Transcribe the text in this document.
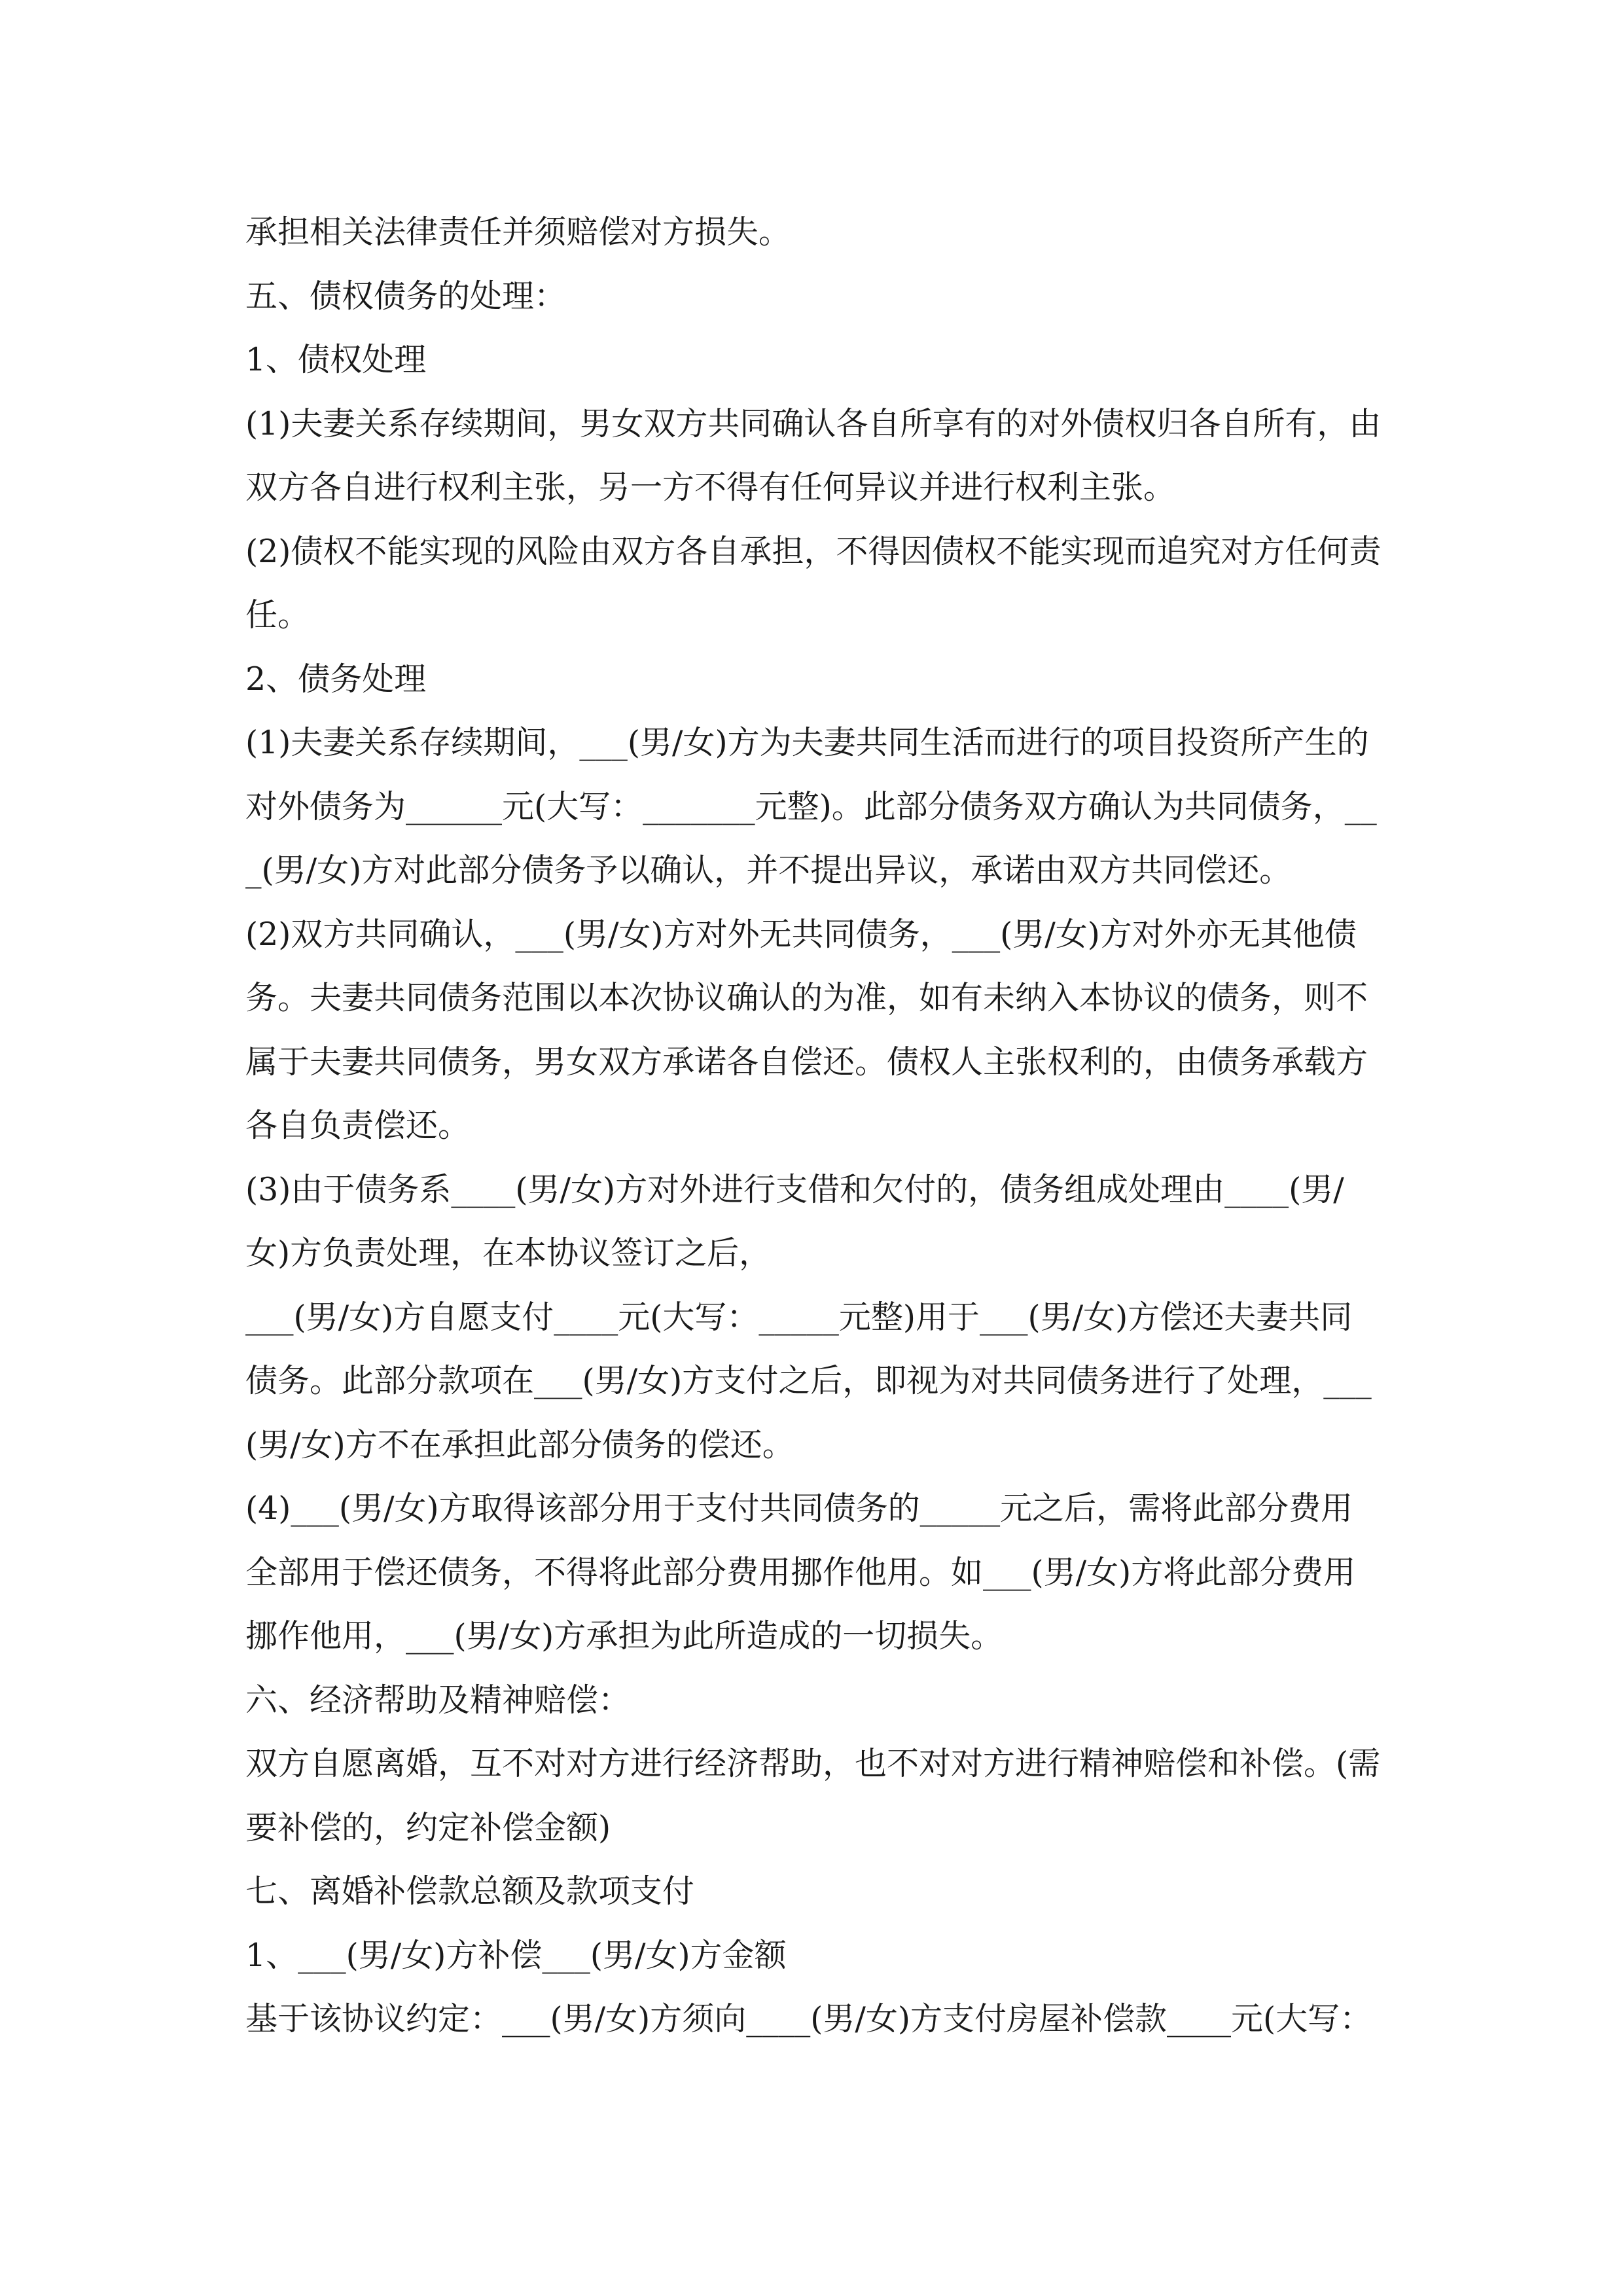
承担相关法律责任并须赔偿对方损失。

五、债权债务的处理：

1、债权处理

(1)夫妻关系存续期间，男女双方共同确认各自所享有的对外债权归各自所有，由双方各自进行权利主张，另一方不得有任何异议并进行权利主张。

(2)债权不能实现的风险由双方各自承担，不得因债权不能实现而追究对方任何责任。

2、债务处理

(1)夫妻关系存续期间，___(男/女)方为夫妻共同生活而进行的项目投资所产生的对外债务为______元(大写：_______元整)。此部分债务双方确认为共同债务，___(男/女)方对此部分债务予以确认，并不提出异议，承诺由双方共同偿还。

(2)双方共同确认，___(男/女)方对外无共同债务，___(男/女)方对外亦无其他债务。夫妻共同债务范围以本次协议确认的为准，如有未纳入本协议的债务，则不属于夫妻共同债务，男女双方承诺各自偿还。债权人主张权利的，由债务承载方各自负责偿还。

(3)由于债务系____(男/女)方对外进行支借和欠付的，债务组成处理由____(男/女)方负责处理，在本协议签订之后，

___(男/女)方自愿支付____元(大写：_____元整)用于___(男/女)方偿还夫妻共同债务。此部分款项在___(男/女)方支付之后，即视为对共同债务进行了处理，___(男/女)方不在承担此部分债务的偿还。

(4)___(男/女)方取得该部分用于支付共同债务的_____元之后，需将此部分费用全部用于偿还债务，不得将此部分费用挪作他用。如___(男/女)方将此部分费用挪作他用，___(男/女)方承担为此所造成的一切损失。

六、经济帮助及精神赔偿：

双方自愿离婚，互不对对方进行经济帮助，也不对对方进行精神赔偿和补偿。(需要补偿的，约定补偿金额)

七、离婚补偿款总额及款项支付

1、___(男/女)方补偿___(男/女)方金额

基于该协议约定：___(男/女)方须向____(男/女)方支付房屋补偿款____元(大写：
